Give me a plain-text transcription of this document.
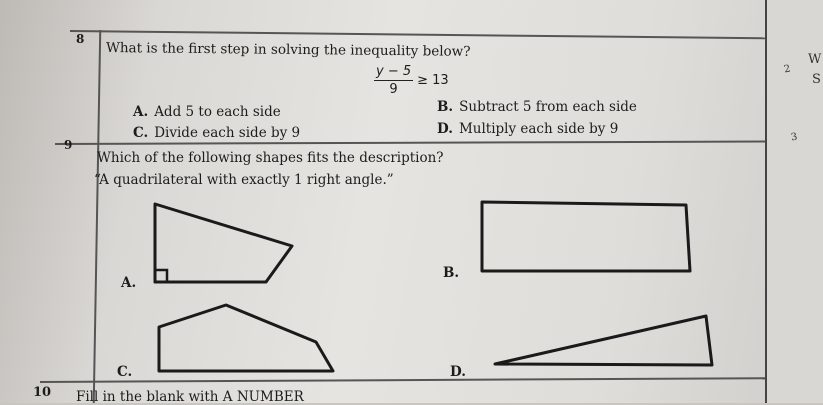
W
2
S
3
8
What is the first step in solving the inequality below?
$\frac{y - 5}{9} \ge 13$
A. Add 5 to each side	B. Subtract 5 from each side
C. Divide each side by 9	D. Multiply each side by 9
9
Which of the following shapes fits the description?
“A quadrilateral with exactly 1 right angle.”
A.
B.
C.	D.
10 Fill in the blank with A NUMBER
